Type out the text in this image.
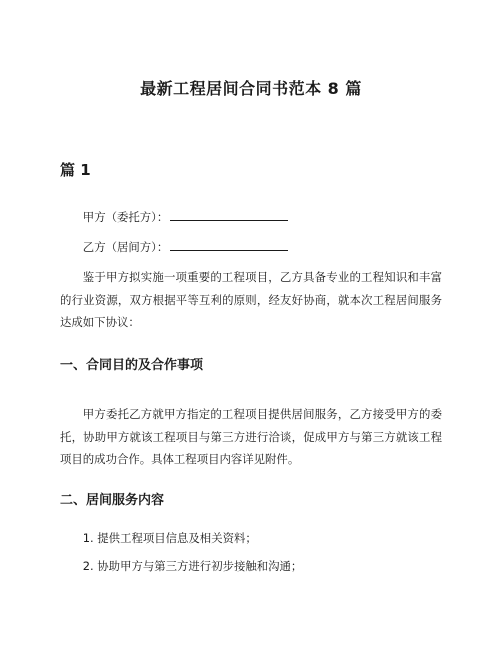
最新工程居间合同书范本 8 篇
篇 1
甲方（委托方）：
乙方（居间方）：
鉴于甲方拟实施一项重要的工程项目，乙方具备专业的工程知识和丰富的行业资源，双方根据平等互利的原则，经友好协商，就本次工程居间服务达成如下协议：
一、合同目的及合作事项
甲方委托乙方就甲方指定的工程项目提供居间服务，乙方接受甲方的委托，协助甲方就该工程项目与第三方进行洽谈，促成甲方与第三方就该工程项目的成功合作。具体工程项目内容详见附件。
二、居间服务内容
1. 提供工程项目信息及相关资料；
2. 协助甲方与第三方进行初步接触和沟通；
